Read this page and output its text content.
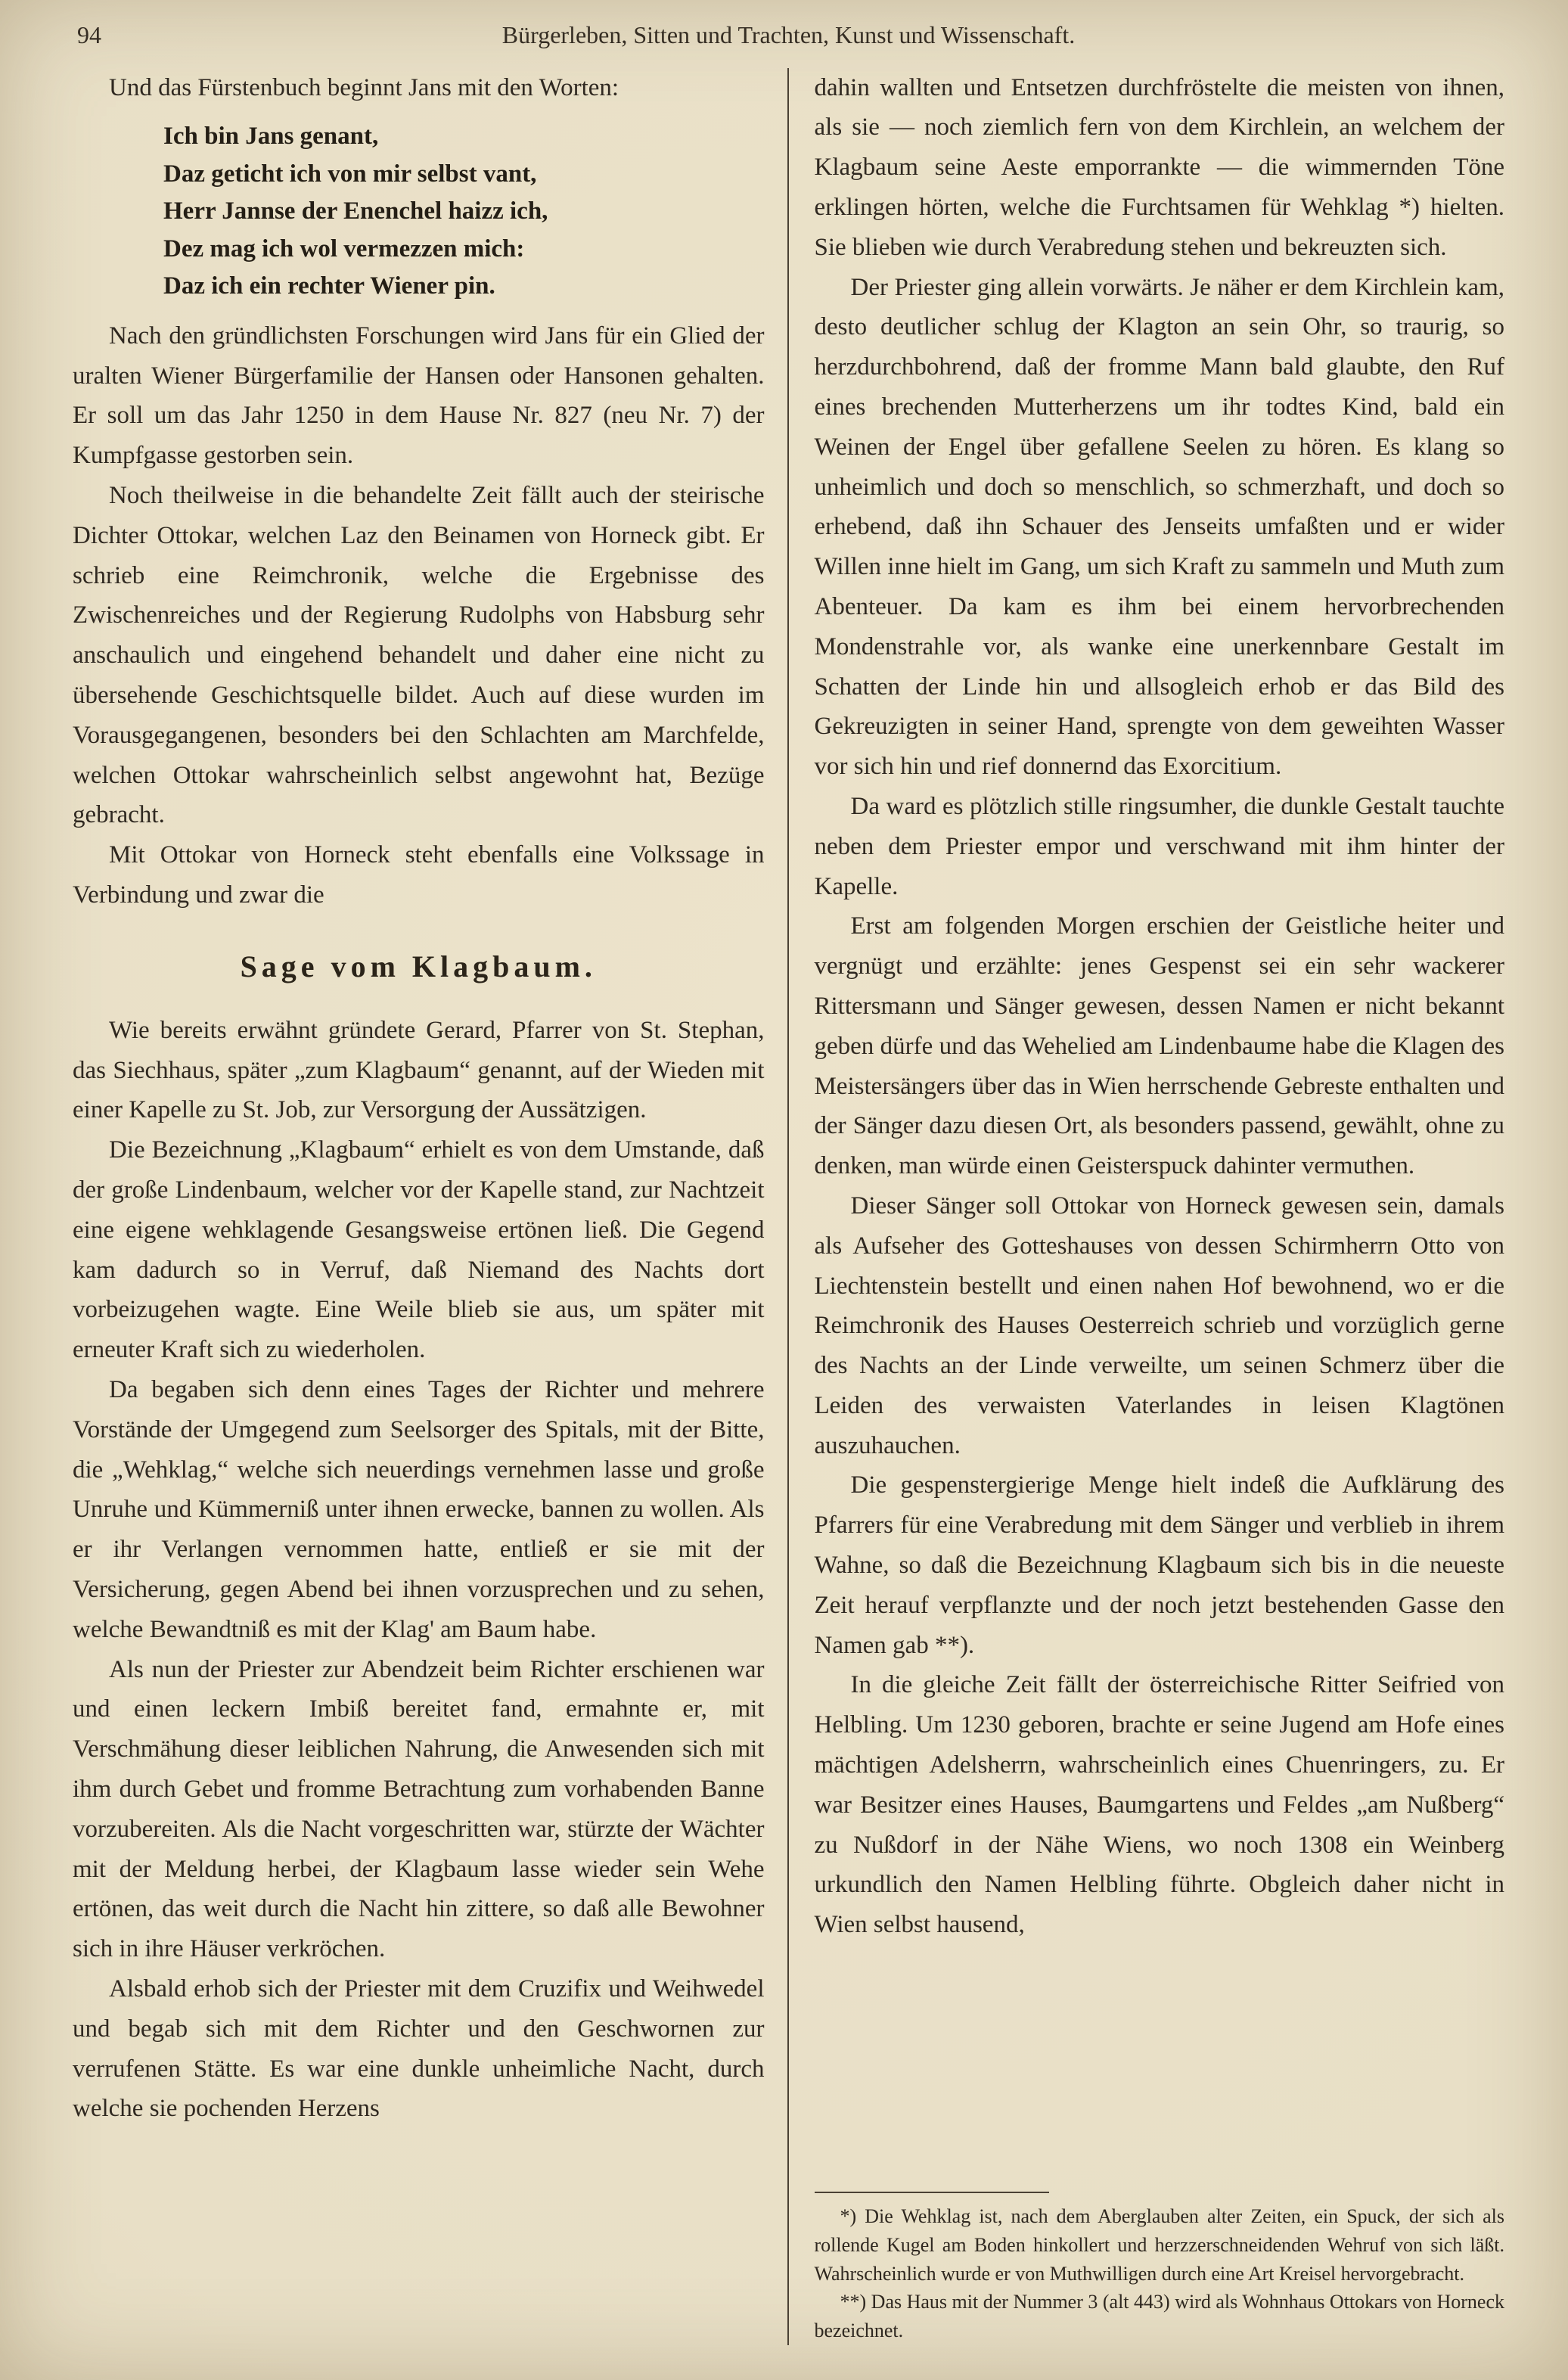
94	Bürgerleben, Sitten und Trachten, Kunst und Wissenschaft.

Und das Fürstenbuch beginnt Jans mit den Worten:

Ich bin Jans genant,
Daz geticht ich von mir selbst vant,
Herr Jannse der Enenchel haizz ich,
Dez mag ich wol vermezzen mich:
Daz ich ein rechter Wiener pin.

Nach den gründlichsten Forschungen wird Jans für ein Glied der uralten Wiener Bürgerfamilie der Hansen oder Hansonen gehalten. Er soll um das Jahr 1250 in dem Hause Nr. 827 (neu Nr. 7) der Kumpfgasse gestorben sein.

Noch theilweise in die behandelte Zeit fällt auch der steirische Dichter Ottokar, welchen Laz den Beinamen von Horneck gibt. Er schrieb eine Reimchronik, welche die Ergebnisse des Zwischenreiches und der Regierung Rudolphs von Habsburg sehr anschaulich und eingehend behandelt und daher eine nicht zu übersehende Geschichtsquelle bildet. Auch auf diese wurden im Vorausgegangenen, besonders bei den Schlachten am Marchfelde, welchen Ottokar wahrscheinlich selbst angewohnt hat, Bezüge gebracht.

Mit Ottokar von Horneck steht ebenfalls eine Volkssage in Verbindung und zwar die

Sage vom Klagbaum.

Wie bereits erwähnt gründete Gerard, Pfarrer von St. Stephan, das Siechhaus, später „zum Klagbaum“ genannt, auf der Wieden mit einer Kapelle zu St. Job, zur Versorgung der Aussätzigen.

Die Bezeichnung „Klagbaum“ erhielt es von dem Umstande, daß der große Lindenbaum, welcher vor der Kapelle stand, zur Nachtzeit eine eigene wehklagende Gesangsweise ertönen ließ. Die Gegend kam dadurch so in Verruf, daß Niemand des Nachts dort vorbeizugehen wagte. Eine Weile blieb sie aus, um später mit erneuter Kraft sich zu wiederholen.

Da begaben sich denn eines Tages der Richter und mehrere Vorstände der Umgegend zum Seelsorger des Spitals, mit der Bitte, die „Wehklag,“ welche sich neuerdings vernehmen lasse und große Unruhe und Kümmerniß unter ihnen erwecke, bannen zu wollen. Als er ihr Verlangen vernommen hatte, entließ er sie mit der Versicherung, gegen Abend bei ihnen vorzusprechen und zu sehen, welche Bewandtniß es mit der Klag' am Baum habe.

Als nun der Priester zur Abendzeit beim Richter erschienen war und einen leckern Imbiß bereitet fand, ermahnte er, mit Verschmähung dieser leiblichen Nahrung, die Anwesenden sich mit ihm durch Gebet und fromme Betrachtung zum vorhabenden Banne vorzubereiten. Als die Nacht vorgeschritten war, stürzte der Wächter mit der Meldung herbei, der Klagbaum lasse wieder sein Wehe ertönen, das weit durch die Nacht hin zittere, so daß alle Bewohner sich in ihre Häuser verkröchen.

Alsbald erhob sich der Priester mit dem Cruzifix und Weihwedel und begab sich mit dem Richter und den Geschwornen zur verrufenen Stätte. Es war eine dunkle unheimliche Nacht, durch welche sie pochenden Herzens

dahin wallten und Entsetzen durchfröstelte die meisten von ihnen, als sie — noch ziemlich fern von dem Kirchlein, an welchem der Klagbaum seine Aeste emporrankte — die wimmernden Töne erklingen hörten, welche die Furchtsamen für Wehklag *) hielten. Sie blieben wie durch Verabredung stehen und bekreuzten sich.

Der Priester ging allein vorwärts. Je näher er dem Kirchlein kam, desto deutlicher schlug der Klagton an sein Ohr, so traurig, so herzdurchbohrend, daß der fromme Mann bald glaubte, den Ruf eines brechenden Mutterherzens um ihr todtes Kind, bald ein Weinen der Engel über gefallene Seelen zu hören. Es klang so unheimlich und doch so menschlich, so schmerzhaft, und doch so erhebend, daß ihn Schauer des Jenseits umfaßten und er wider Willen inne hielt im Gang, um sich Kraft zu sammeln und Muth zum Abenteuer. Da kam es ihm bei einem hervorbrechenden Mondenstrahle vor, als wanke eine unerkennbare Gestalt im Schatten der Linde hin und allsogleich erhob er das Bild des Gekreuzigten in seiner Hand, sprengte von dem geweihten Wasser vor sich hin und rief donnernd das Exorcitium.

Da ward es plötzlich stille ringsumher, die dunkle Gestalt tauchte neben dem Priester empor und verschwand mit ihm hinter der Kapelle.

Erst am folgenden Morgen erschien der Geistliche heiter und vergnügt und erzählte: jenes Gespenst sei ein sehr wackerer Rittersmann und Sänger gewesen, dessen Namen er nicht bekannt geben dürfe und das Wehelied am Lindenbaume habe die Klagen des Meistersängers über das in Wien herrschende Gebreste enthalten und der Sänger dazu diesen Ort, als besonders passend, gewählt, ohne zu denken, man würde einen Geisterspuck dahinter vermuthen.

Dieser Sänger soll Ottokar von Horneck gewesen sein, damals als Aufseher des Gotteshauses von dessen Schirmherrn Otto von Liechtenstein bestellt und einen nahen Hof bewohnend, wo er die Reimchronik des Hauses Oesterreich schrieb und vorzüglich gerne des Nachts an der Linde verweilte, um seinen Schmerz über die Leiden des verwaisten Vaterlandes in leisen Klagtönen auszuhauchen.

Die gespenstergierige Menge hielt indeß die Aufklärung des Pfarrers für eine Verabredung mit dem Sänger und verblieb in ihrem Wahne, so daß die Bezeichnung Klagbaum sich bis in die neueste Zeit herauf verpflanzte und der noch jetzt bestehenden Gasse den Namen gab **).

In die gleiche Zeit fällt der österreichische Ritter Seifried von Helbling. Um 1230 geboren, brachte er seine Jugend am Hofe eines mächtigen Adelsherrn, wahrscheinlich eines Chuenringers, zu. Er war Besitzer eines Hauses, Baumgartens und Feldes „am Nußberg“ zu Nußdorf in der Nähe Wiens, wo noch 1308 ein Weinberg urkundlich den Namen Helbling führte. Obgleich daher nicht in Wien selbst hausend,

*) Die Wehklag ist, nach dem Aberglauben alter Zeiten, ein Spuck, der sich als rollende Kugel am Boden hinkollert und herzzerschneidenden Wehruf von sich läßt. Wahrscheinlich wurde er von Muthwilligen durch eine Art Kreisel hervorgebracht.

**) Das Haus mit der Nummer 3 (alt 443) wird als Wohnhaus Ottokars von Horneck bezeichnet.
